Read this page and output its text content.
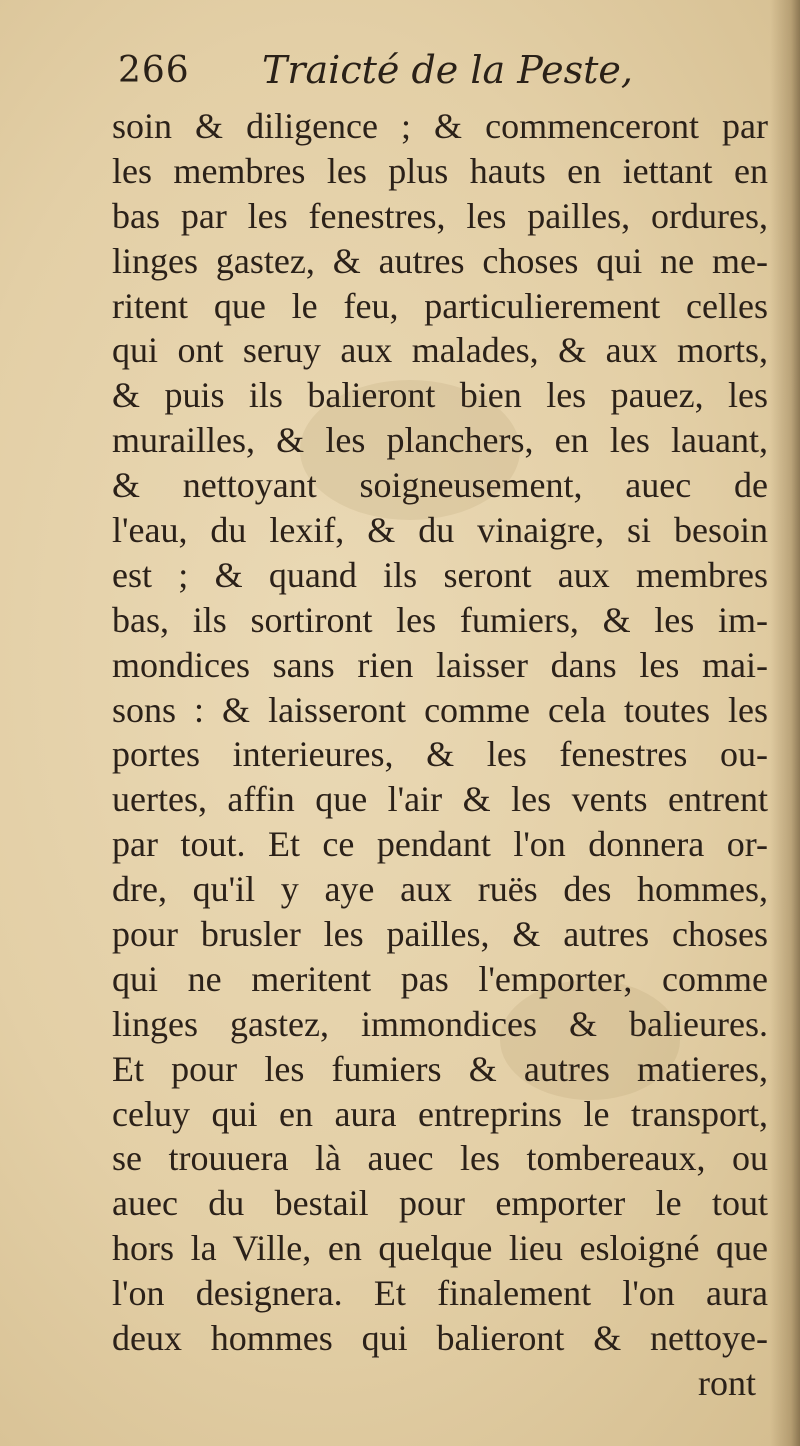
266 Traicté de la Peste,
soin & diligence ; & commenceront par
les membres les plus hauts en iettant en
bas par les fenestres, les pailles, ordures,
linges gastez, & autres choses qui ne me-
ritent que le feu, particulierement celles
qui ont seruy aux malades, & aux morts,
& puis ils balieront bien les pauez, les
murailles, & les planchers, en les lauant,
& nettoyant soigneusement, auec de
l'eau, du lexif, & du vinaigre, si besoin
est ; & quand ils seront aux membres
bas, ils sortiront les fumiers, & les im-
mondices sans rien laisser dans les mai-
sons : & laisseront comme cela toutes les
portes interieures, & les fenestres ou-
uertes, affin que l'air & les vents entrent
par tout. Et ce pendant l'on donnera or-
dre, qu'il y aye aux ruës des hommes,
pour brusler les pailles, & autres choses
qui ne meritent pas l'emporter, comme
linges gastez, immondices & balieures.
Et pour les fumiers & autres matieres,
celuy qui en aura entreprins le transport,
se trouuera là auec les tombereaux, ou
auec du bestail pour emporter le tout
hors la Ville, en quelque lieu esloigné que
l'on designera. Et finalement l'on aura
deux hommes qui balieront & nettoye-
ront
